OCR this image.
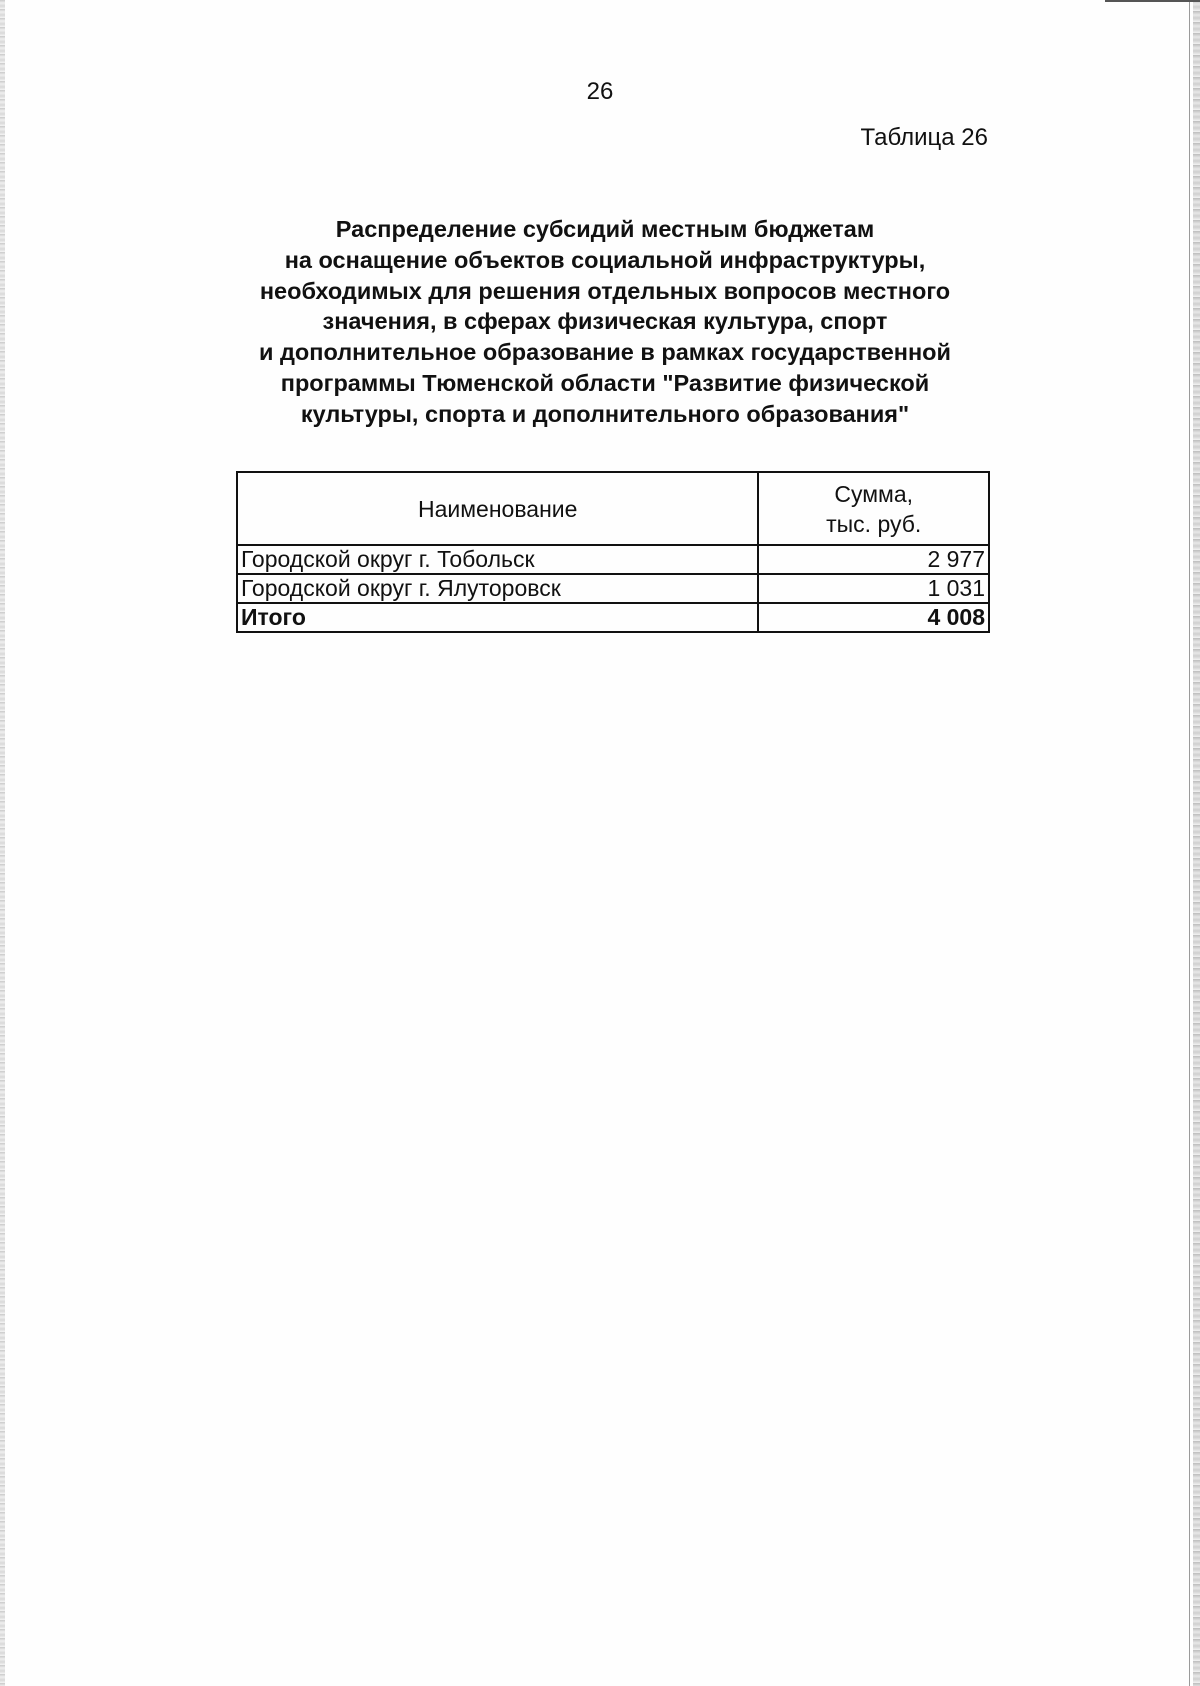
26
Таблица 26
Распределение субсидий местным бюджетам
на оснащение объектов социальной инфраструктуры,
необходимых для решения отдельных вопросов местного
значения, в сферах физическая культура, спорт
и дополнительное образование в рамках государственной
программы Тюменской области "Развитие физической
культуры, спорта и дополнительного образования"
Наименование	Сумма,
тыс. руб.

Городской округ г. Тобольск	2 977
Городской округ г. Ялуторовск	1 031
Итого	4 008
